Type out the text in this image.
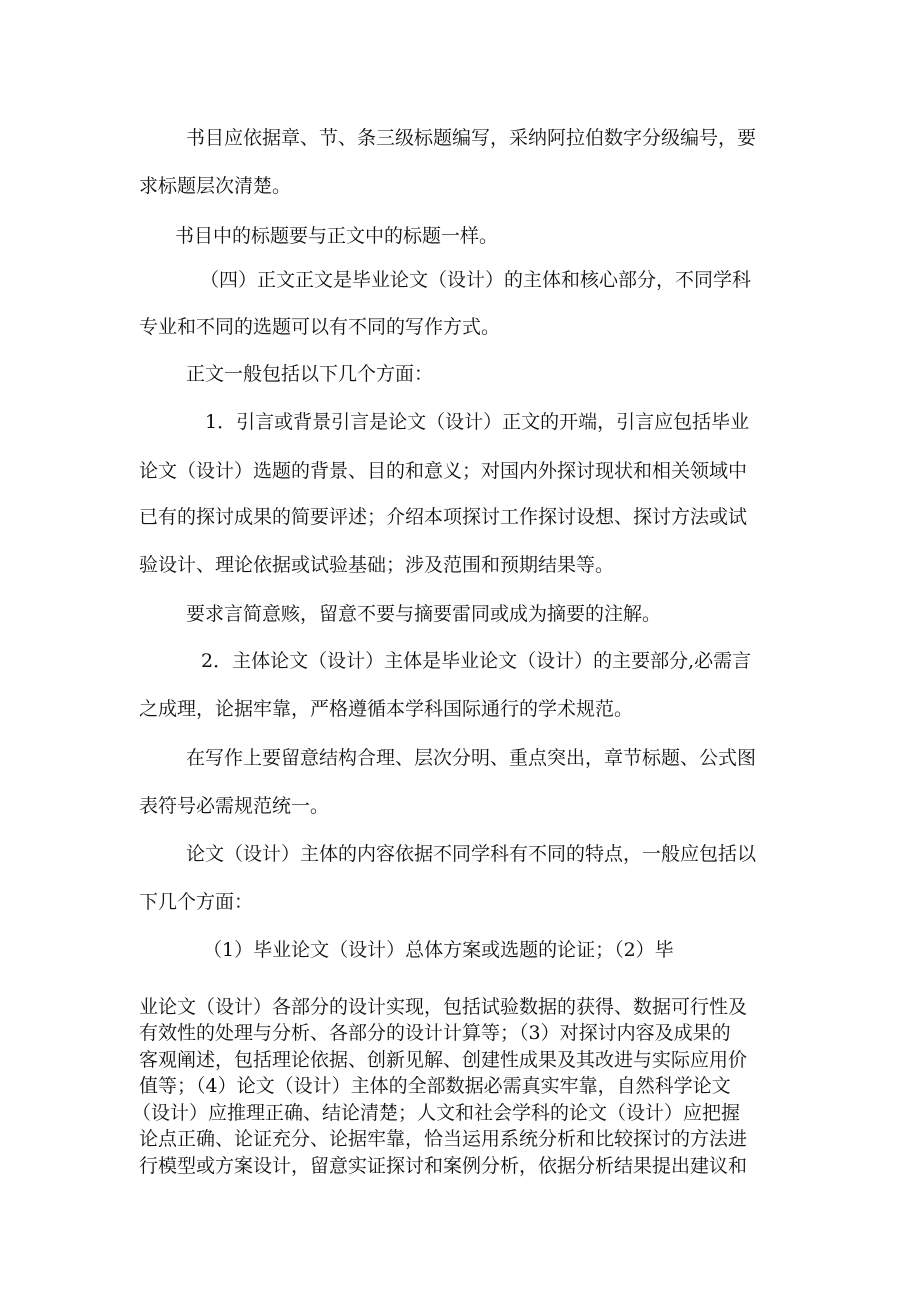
书目应依据章、节、条三级标题编写，采纳阿拉伯数字分级编号，要
求标题层次清楚。
书目中的标题要与正文中的标题一样。
（四）正文正文是毕业论文（设计）的主体和核心部分，不同学科
专业和不同的选题可以有不同的写作方式。
正文一般包括以下几个方面：
1．引言或背景引言是论文（设计）正文的开端，引言应包括毕业
论文（设计）选题的背景、目的和意义；对国内外探讨现状和相关领域中
已有的探讨成果的简要评述；介绍本项探讨工作探讨设想、探讨方法或试
验设计、理论依据或试验基础；涉及范围和预期结果等。
要求言简意赅，留意不要与摘要雷同或成为摘要的注解。
2．主体论文（设计）主体是毕业论文（设计）的主要部分,必需言
之成理，论据牢靠，严格遵循本学科国际通行的学术规范。
在写作上要留意结构合理、层次分明、重点突出，章节标题、公式图
表符号必需规范统一。
论文（设计）主体的内容依据不同学科有不同的特点，一般应包括以
下几个方面：
（1）毕业论文（设计）总体方案或选题的论证；（2）毕
业论文（设计）各部分的设计实现，包括试验数据的获得、数据可行性及
有效性的处理与分析、各部分的设计计算等；（3）对探讨内容及成果的
客观阐述，包括理论依据、创新见解、创建性成果及其改进与实际应用价
值等；（4）论文（设计）主体的全部数据必需真实牢靠，自然科学论文
（设计）应推理正确、结论清楚；人文和社会学科的论文（设计）应把握
论点正确、论证充分、论据牢靠，恰当运用系统分析和比较探讨的方法进
行模型或方案设计，留意实证探讨和案例分析，依据分析结果提出建议和
